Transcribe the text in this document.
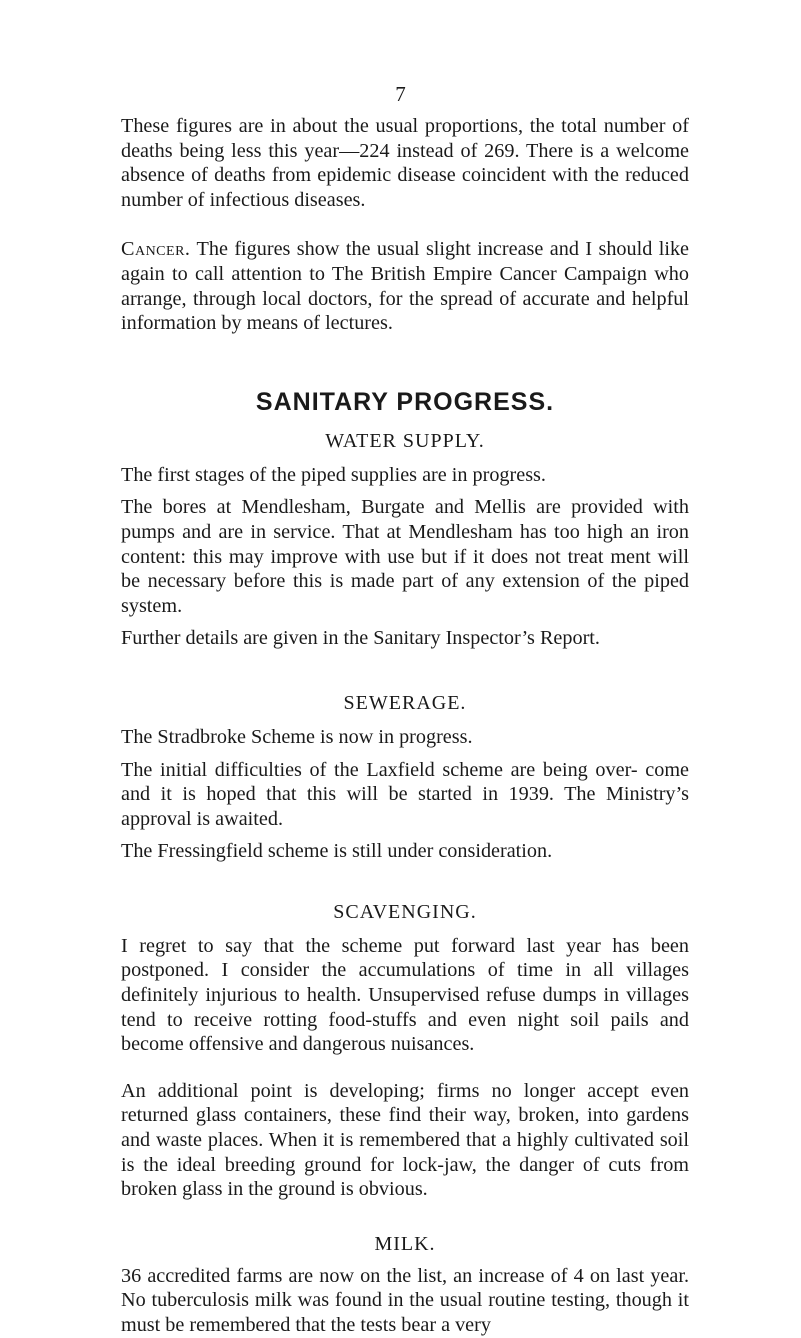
7

These figures are in about the usual proportions, the total number of deaths being less this year—224 instead of 269. There is a welcome absence of deaths from epidemic disease coincident with the reduced number of infectious diseases.

Cancer. The figures show the usual slight increase and I should like again to call attention to The British Empire Cancer Campaign who arrange, through local doctors, for the spread of accurate and helpful information by means of lectures.

SANITARY PROGRESS.
WATER SUPPLY.

The first stages of the piped supplies are in progress.

The bores at Mendlesham, Burgate and Mellis are provided with pumps and are in service. That at Mendlesham has too high an iron content: this may improve with use but if it does not treat ment will be necessary before this is made part of any extension of the piped system.

Further details are given in the Sanitary Inspector’s Report.

SEWERAGE.

The Stradbroke Scheme is now in progress.

The initial difficulties of the Laxfield scheme are being over- come and it is hoped that this will be started in 1939. The Ministry’s approval is awaited.

The Fressingfield scheme is still under consideration.

SCAVENGING.

I regret to say that the scheme put forward last year has been postponed. I consider the accumulations of time in all villages definitely injurious to health. Unsupervised refuse dumps in villages tend to receive rotting food-stuffs and even night soil pails and become offensive and dangerous nuisances.

An additional point is developing; firms no longer accept even returned glass containers, these find their way, broken, into gardens and waste places. When it is remembered that a highly cultivated soil is the ideal breeding ground for lock-jaw, the danger of cuts from broken glass in the ground is obvious.

MILK.

36 accredited farms are now on the list, an increase of 4 on last year. No tuberculosis milk was found in the usual routine testing, though it must be remembered that the tests bear a very
